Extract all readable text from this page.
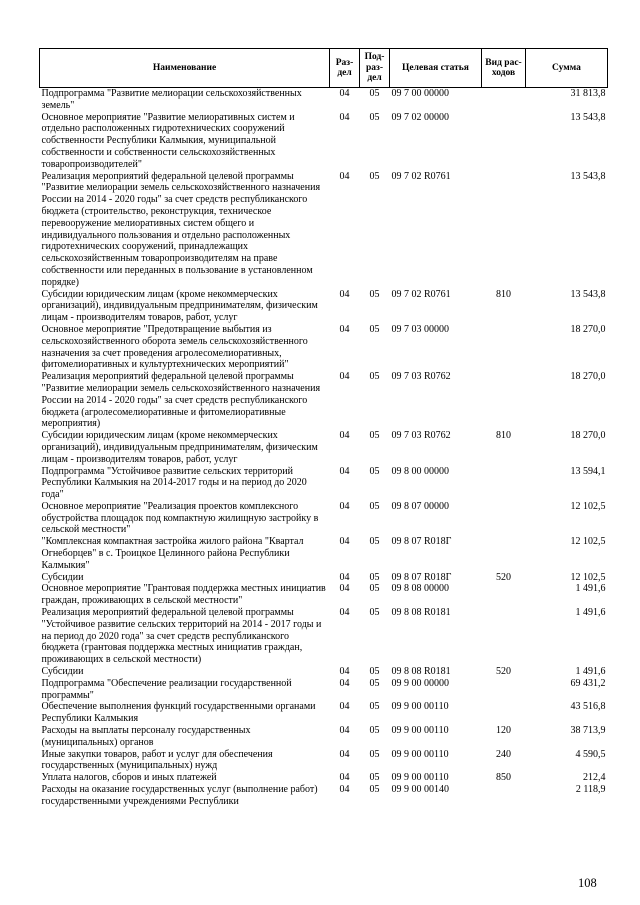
Наименование	Раз- дел	Под- раз- дел	Целевая статья	Вид рас- ходов	Сумма
Подпрограмма "Развитие мелиорации сельскохозяйственных земель"	04	05	09 7 00 00000		31 813,8
Основное мероприятие "Развитие мелиоративных систем и отдельно расположенных гидротехнических сооружений собственности Республики Калмыкия, муниципальной собственности и собственности сельскохозяйственных товаропроизводителей"	04	05	09 7 02 00000		13 543,8
Реализация мероприятий федеральной целевой программы "Развитие мелиорации земель сельскохозяйственного назначения России на 2014 - 2020 годы" за счет средств республиканского бюджета (строительство, реконструкция, техническое перевооружение мелиоративных систем общего и индивидуального пользования и отдельно расположенных гидротехнических сооружений, принадлежащих сельскохозяйственным товаропроизводителям на праве собственности или переданных в пользование в установленном порядке)	04	05	09 7 02 R0761		13 543,8
Субсидии юридическим лицам (кроме некоммерческих организаций), индивидуальным предпринимателям, физическим лицам - производителям товаров, работ, услуг	04	05	09 7 02 R0761	810	13 543,8
Основное мероприятие "Предотвращение выбытия из сельскохозяйственного оборота земель сельскохозяйственного назначения за счет проведения агролесомелиоративных, фитомелиоративных и культуртехнических мероприятий"	04	05	09 7 03 00000		18 270,0
Реализация мероприятий федеральной целевой программы "Развитие мелиорации земель сельскохозяйственного назначения России на 2014 - 2020 годы" за счет средств республиканского бюджета (агролесомелиоративные и фитомелиоративные мероприятия)	04	05	09 7 03 R0762		18 270,0
Субсидии юридическим лицам (кроме некоммерческих организаций), индивидуальным предпринимателям, физическим лицам - производителям товаров, работ, услуг	04	05	09 7 03 R0762	810	18 270,0
Подпрограмма "Устойчивое развитие сельских территорий Республики Калмыкия на 2014-2017 годы и на период до 2020 года"	04	05	09 8 00 00000		13 594,1
Основное мероприятие "Реализация проектов комплексного обустройства площадок под компактную жилищную застройку в сельской местности"	04	05	09 8 07 00000		12 102,5
"Комплексная компактная застройка жилого района "Квартал Огнеборцев" в с. Троицкое Целинного района Республики Калмыкия"	04	05	09 8 07 R018Г		12 102,5
Субсидии	04	05	09 8 07 R018Г	520	12 102,5
Основное мероприятие "Грантовая поддержка местных инициатив граждан, проживающих в сельской местности"	04	05	09 8 08 00000		1 491,6
Реализация мероприятий федеральной целевой программы "Устойчивое развитие сельских территорий на 2014 - 2017 годы и на период до 2020 года" за счет средств республиканского бюджета (грантовая поддержка местных инициатив граждан, проживающих в сельской местности)	04	05	09 8 08 R0181		1 491,6
Субсидии	04	05	09 8 08 R0181	520	1 491,6
Подпрограмма "Обеспечение реализации государственной программы"	04	05	09 9 00 00000		69 431,2
Обеспечение выполнения функций государственными органами Республики Калмыкия	04	05	09 9 00 00110		43 516,8
Расходы на выплаты персоналу государственных (муниципальных) органов	04	05	09 9 00 00110	120	38 713,9
Иные закупки товаров, работ и услуг для обеспечения государственных (муниципальных) нужд	04	05	09 9 00 00110	240	4 590,5
Уплата налогов, сборов и иных платежей	04	05	09 9 00 00110	850	212,4
Расходы на оказание государственных услуг (выполнение работ) государственными учреждениями Республики	04	05	09 9 00 00140		2 118,9
108
